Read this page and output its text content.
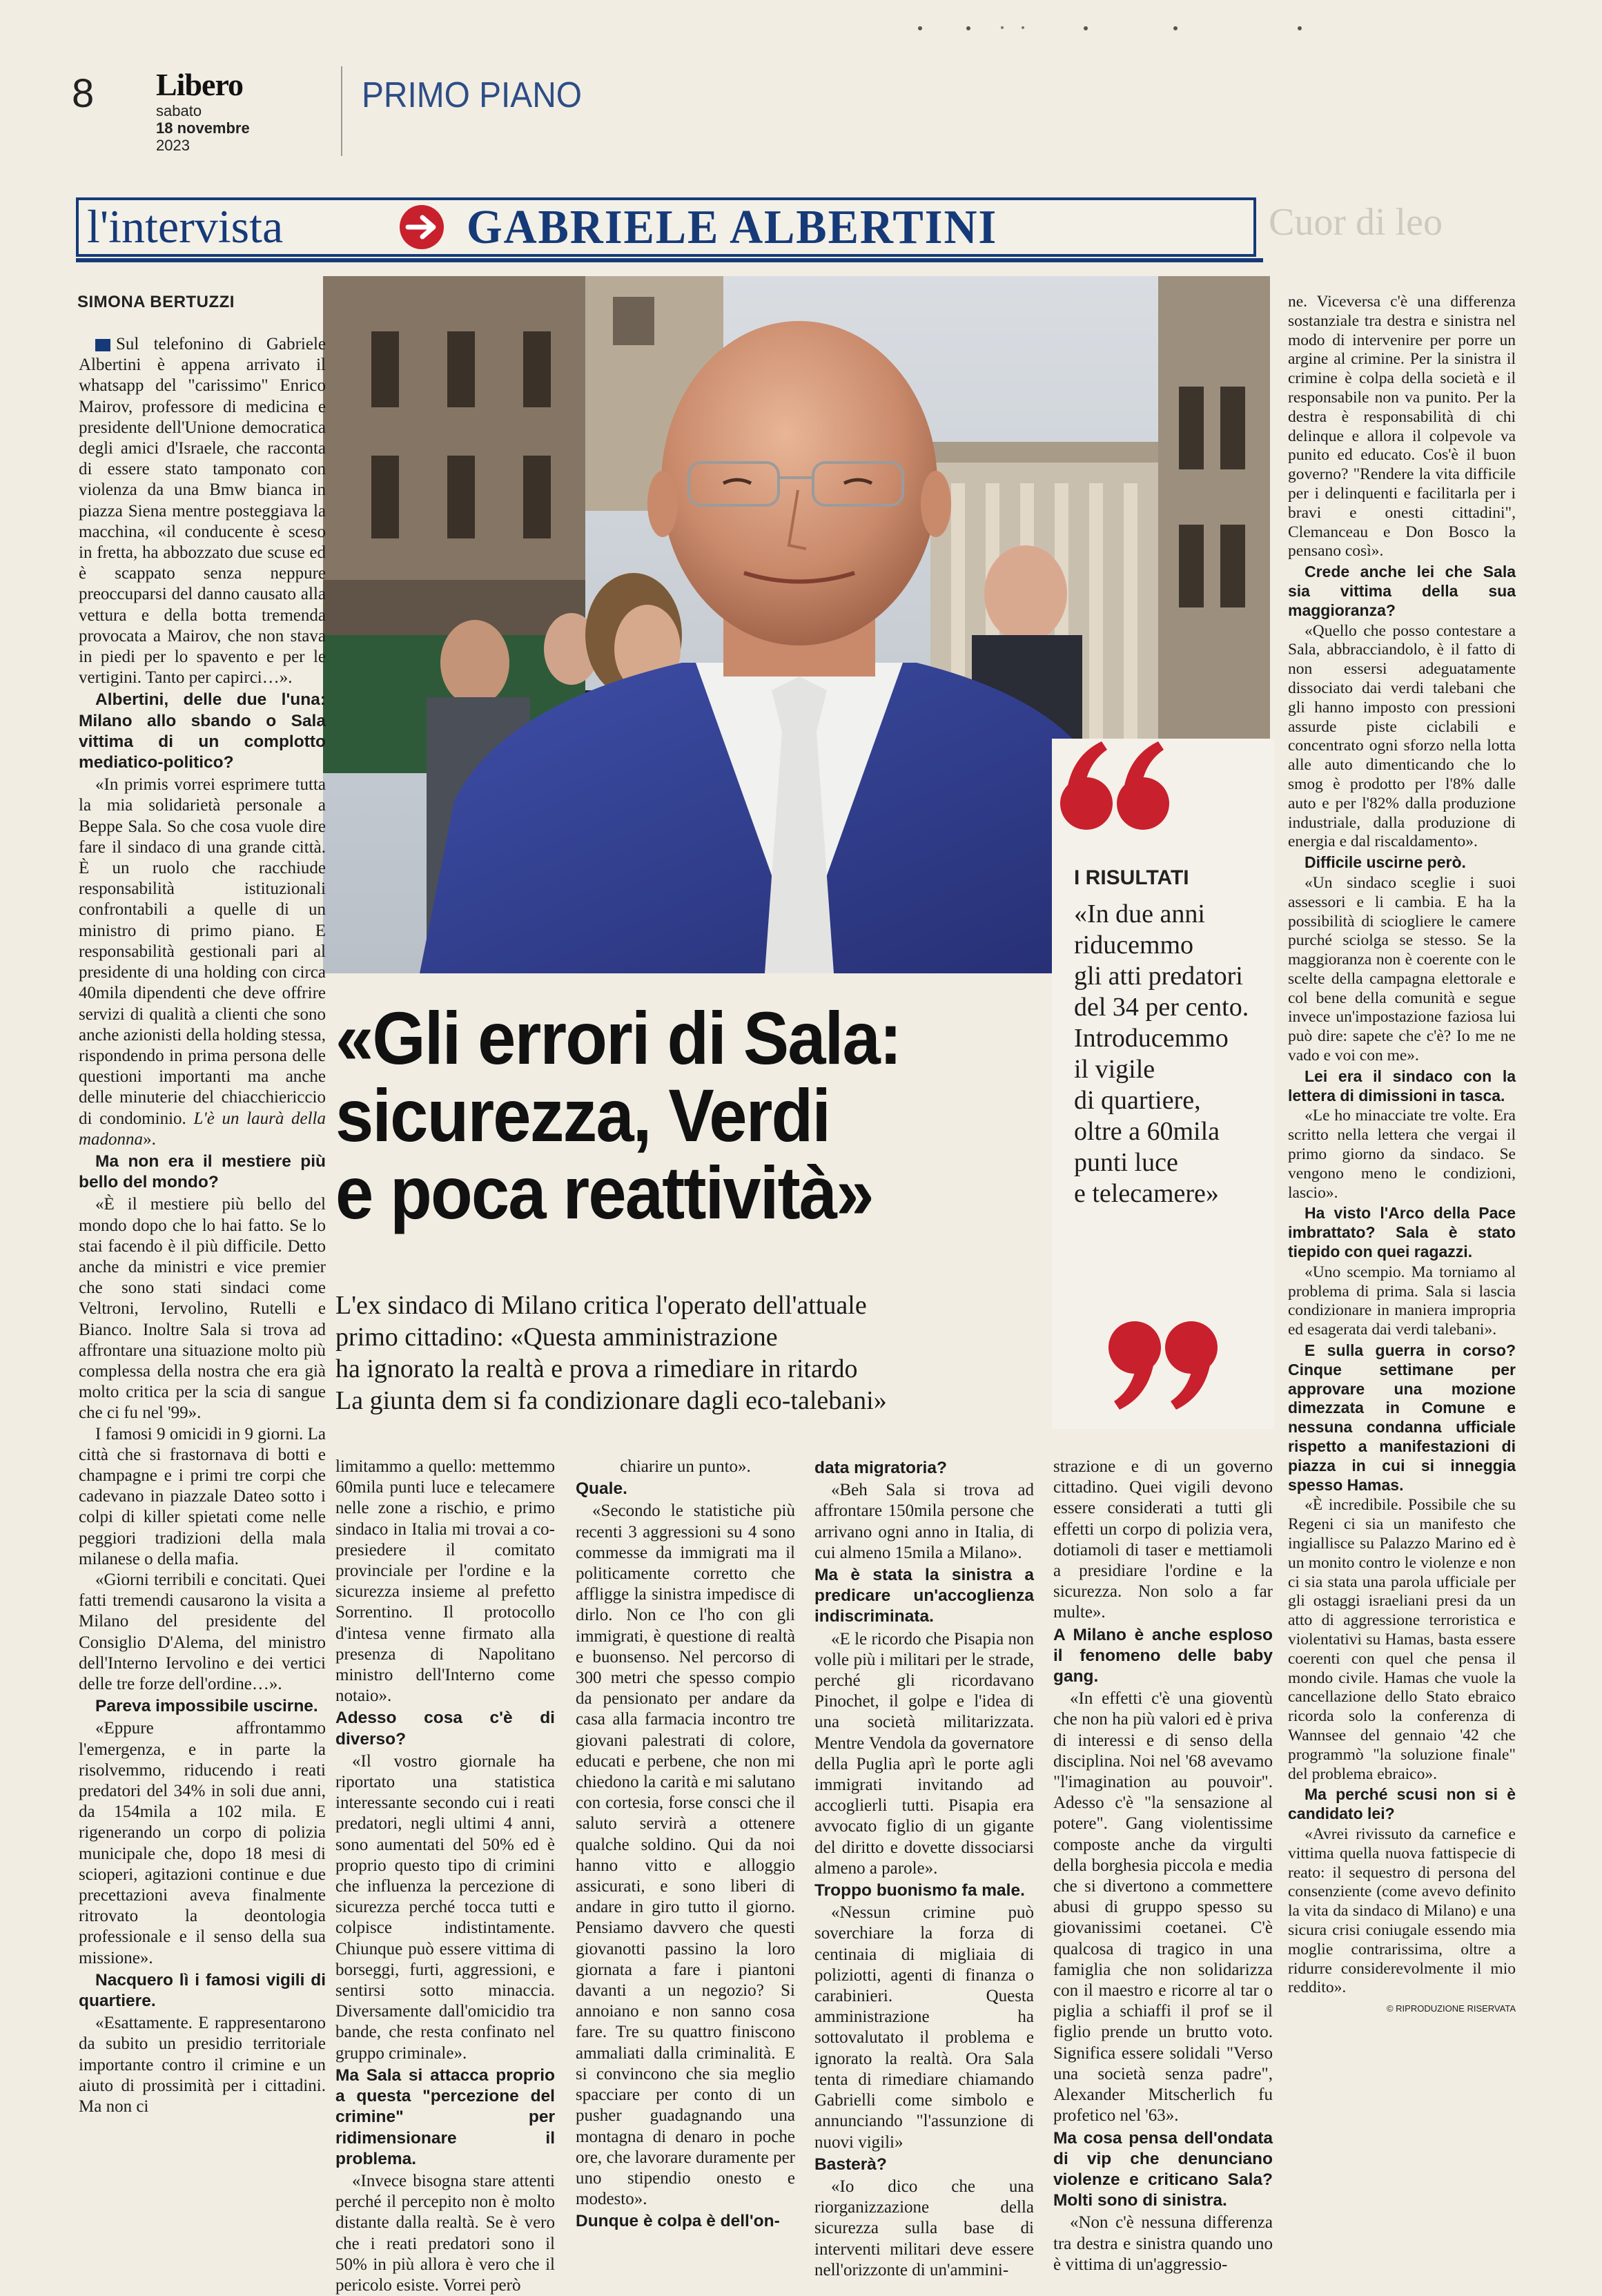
8 Libero
sabato
18 novembre
2023
PRIMO PIANO
l'intervista	GABRIELE ALBERTINI	Cuor di leo
SIMONA BERTUZZI
I RISULTATI
«In due anni
riducemmo
gli atti predatori
del 34 per cento.
Introducemmo
il vigile
di quartiere,
oltre a 60mila
punti luce
e telecamere»
«Gli errori di Sala:
sicurezza, Verdi
e poca reattività»
L'ex sindaco di Milano critica l'operato dell'attuale
primo cittadino: «Questa amministrazione
ha ignorato la realtà e prova a rimediare in ritardo
La giunta dem si fa condizionare dagli eco-talebani»

Sul telefonino di Gabriele Albertini è appena arrivato il whatsapp del "carissimo" Enrico Mairov, professore di medicina e presidente dell'Unione democratica degli amici d'Israele, che racconta di essere stato tamponato con violenza da una Bmw bianca in piazza Siena mentre posteggiava la macchina, «il conducente è sceso in fretta, ha abbozzato due scuse ed è scappato senza neppure preoccuparsi del danno causato alla vettura e della botta tremenda provocata a Mairov, che non stava in piedi per lo spavento e per le vertigini. Tanto per capirci…».

Albertini, delle due l'una: Milano allo sbando o Sala vittima di un complotto mediatico-politico?

«In primis vorrei esprimere tutta la mia solidarietà personale a Beppe Sala. So che cosa vuole dire fare il sindaco di una grande città. È un ruolo che racchiude responsabilità istituzionali confrontabili a quelle di un ministro di primo piano. E responsabilità gestionali pari al presidente di una holding con circa 40mila dipendenti che deve offrire servizi di qualità a clienti che sono anche azionisti della holding stessa, rispondendo in prima persona delle questioni importanti ma anche delle minuterie del chiacchiericcio di condominio. L'è un laurà della madonna».

Ma non era il mestiere più bello del mondo?

«È il mestiere più bello del mondo dopo che lo hai fatto. Se lo stai facendo è il più difficile. Detto anche da ministri e vice premier che sono stati sindaci come Veltroni, Iervolino, Rutelli e Bianco. Inoltre Sala si trova ad affrontare una situazione molto più complessa della nostra che era già molto critica per la scia di sangue che ci fu nel '99».

I famosi 9 omicidi in 9 giorni. La città che si frastornava di botti e champagne e i primi tre corpi che cadevano in piazzale Dateo sotto i colpi di killer spietati come nelle peggiori tradizioni della mala milanese o della mafia.

«Giorni terribili e concitati. Quei fatti tremendi causarono la visita a Milano del presidente del Consiglio D'Alema, del ministro dell'Interno Iervolino e dei vertici delle tre forze dell'ordine…».

Pareva impossibile uscirne.

«Eppure affrontammo l'emergenza, e in parte la risolvemmo, riducendo i reati predatori del 34% in soli due anni, da 154mila a 102 mila. E rigenerando un corpo di polizia municipale che, dopo 18 mesi di scioperi, agitazioni continue e due precettazioni aveva finalmente ritrovato la deontologia professionale e il senso della sua missione».

Nacquero lì i famosi vigili di quartiere.

«Esattamente. E rappresentarono da subito un presidio territoriale importante contro il crimine e un aiuto di prossimità per i cittadini. Ma non ci

limitammo a quello: mettemmo 60mila punti luce e telecamere nelle zone a rischio, e primo sindaco in Italia mi trovai a co-presiedere il comitato provinciale per l'ordine e la sicurezza insieme al prefetto Sorrentino. Il protocollo d'intesa venne firmato alla presenza di Napolitano ministro dell'Interno come notaio».

Adesso cosa c'è di diverso?

«Il vostro giornale ha riportato una statistica interessante secondo cui i reati predatori, negli ultimi 4 anni, sono aumentati del 50% ed è proprio questo tipo di crimini che influenza la percezione di sicurezza perché tocca tutti e colpisce indistintamente. Chiunque può essere vittima di borseggi, furti, aggressioni, e sentirsi sotto minaccia. Diversamente dall'omicidio tra bande, che resta confinato nel gruppo criminale».

Ma Sala si attacca proprio a questa "percezione del crimine" per ridimensionare il problema.

«Invece bisogna stare attenti perché il percepito non è molto distante dalla realtà. Se è vero che i reati predatori sono il 50% in più allora è vero che il pericolo esiste. Vorrei però

chiarire un punto».

Quale.

«Secondo le statistiche più recenti 3 aggressioni su 4 sono commesse da immigrati ma il politicamente corretto che affligge la sinistra impedisce di dirlo. Non ce l'ho con gli immigrati, è questione di realtà e buonsenso. Nel percorso di 300 metri che spesso compio da pensionato per andare da casa alla farmacia incontro tre giovani palestrati di colore, educati e perbene, che non mi chiedono la carità e mi salutano con cortesia, forse consci che il saluto servirà a ottenere qualche soldino. Qui da noi hanno vitto e alloggio assicurati, e sono liberi di andare in giro tutto il giorno. Pensiamo davvero che questi giovanotti passino la loro giornata a fare i piantoni davanti a un negozio? Si annoiano e non sanno cosa fare. Tre su quattro finiscono ammaliati dalla criminalità. E si convincono che sia meglio spacciare per conto di un pusher guadagnando una montagna di denaro in poche ore, che lavorare duramente per uno stipendio onesto e modesto».

Dunque è colpa è dell'on-

data migratoria?

«Beh Sala si trova ad affrontare 150mila persone che arrivano ogni anno in Italia, di cui almeno 15mila a Milano».

Ma è stata la sinistra a predicare un'accoglienza indiscriminata.

«E le ricordo che Pisapia non volle più i militari per le strade, perché gli ricordavano Pinochet, il golpe e l'idea di una società militarizzata. Mentre Vendola da governatore della Puglia aprì le porte agli immigrati invitando ad accoglierli tutti. Pisapia era avvocato figlio di un gigante del diritto e dovette dissociarsi almeno a parole».

Troppo buonismo fa male.

«Nessun crimine può soverchiare la forza di centinaia di migliaia di poliziotti, agenti di finanza o carabinieri. Questa amministrazione ha sottovalutato il problema e ignorato la realtà. Ora Sala tenta di rimediare chiamando Gabrielli come simbolo e annunciando "l'assunzione di nuovi vigili»

Basterà?

«Io dico che una riorganizzazione della sicurezza sulla base di interventi militari deve essere nell'orizzonte di un'ammini-

strazione e di un governo cittadino. Quei vigili devono essere considerati a tutti gli effetti un corpo di polizia vera, dotiamoli di taser e mettiamoli a presidiare l'ordine e la sicurezza. Non solo a far multe».

A Milano è anche esploso il fenomeno delle baby gang.

«In effetti c'è una gioventù che non ha più valori ed è priva di interessi e di senso della disciplina. Noi nel '68 avevamo "l'imagination au pouvoir". Adesso c'è "la sensazione al potere". Gang violentissime composte anche da virgulti della borghesia piccola e media che si divertono a commettere abusi di gruppo spesso su giovanissimi coetanei. C'è qualcosa di tragico in una famiglia che non solidarizza con il maestro e ricorre al tar o piglia a schiaffi il prof se il figlio prende un brutto voto. Significa essere solidali "Verso una società senza padre", Alexander Mitscherlich fu profetico nel '63».

Ma cosa pensa dell'ondata di vip che denunciano violenze e criticano Sala? Molti sono di sinistra.

«Non c'è nessuna differenza tra destra e sinistra quando uno è vittima di un'aggressio-

ne. Viceversa c'è una differenza sostanziale tra destra e sinistra nel modo di intervenire per porre un argine al crimine. Per la sinistra il crimine è colpa della società e il responsabile non va punito. Per la destra è responsabilità di chi delinque e allora il colpevole va punito ed educato. Cos'è il buon governo? "Rendere la vita difficile per i delinquenti e facilitarla per i bravi e onesti cittadini", Clemanceau e Don Bosco la pensano così».

Crede anche lei che Sala sia vittima della sua maggioranza?

«Quello che posso contestare a Sala, abbracciandolo, è il fatto di non essersi adeguatamente dissociato dai verdi talebani che gli hanno imposto con pressioni assurde piste ciclabili e concentrato ogni sforzo nella lotta alle auto dimenticando che lo smog è prodotto per l'8% dalle auto e per l'82% dalla produzione industriale, dalla produzione di energia e dal riscaldamento».

Difficile uscirne però.

«Un sindaco sceglie i suoi assessori e li cambia. E ha la possibilità di sciogliere le camere purché sciolga se stesso. Se la maggioranza non è coerente con le scelte della campagna elettorale e col bene della comunità e segue invece un'impostazione faziosa lui può dire: sapete che c'è? Io me ne vado e voi con me».

Lei era il sindaco con la lettera di dimissioni in tasca.

«Le ho minacciate tre volte. Era scritto nella lettera che vergai il primo giorno da sindaco. Se vengono meno le condizioni, lascio».

Ha visto l'Arco della Pace imbrattato? Sala è stato tiepido con quei ragazzi.

«Uno scempio. Ma torniamo al problema di prima. Sala si lascia condizionare in maniera impropria ed esagerata dai verdi talebani».

E sulla guerra in corso? Cinque settimane per approvare una mozione dimezzata in Comune e nessuna condanna ufficiale rispetto a manifestazioni di piazza in cui si inneggia spesso Hamas.

«È incredibile. Possibile che su Regeni ci sia un manifesto che ingiallisce su Palazzo Marino ed è un monito contro le violenze e non ci sia stata una parola ufficiale per gli ostaggi israeliani presi da un atto di aggressione terroristica e violentativi su Hamas, basta essere coerenti con quel che pensa il mondo civile. Hamas che vuole la cancellazione dello Stato ebraico ricorda solo la conferenza di Wannsee del gennaio '42 che programmò "la soluzione finale" del problema ebraico».

Ma perché scusi non si è candidato lei?

«Avrei rivissuto da carnefice e vittima quella nuova fattispecie di reato: il sequestro di persona del consenziente (come avevo definito la vita da sindaco di Milano) e una sicura crisi coniugale essendo mia moglie contrarissima, oltre a ridurre considerevolmente il mio reddito».

© RIPRODUZIONE RISERVATA
